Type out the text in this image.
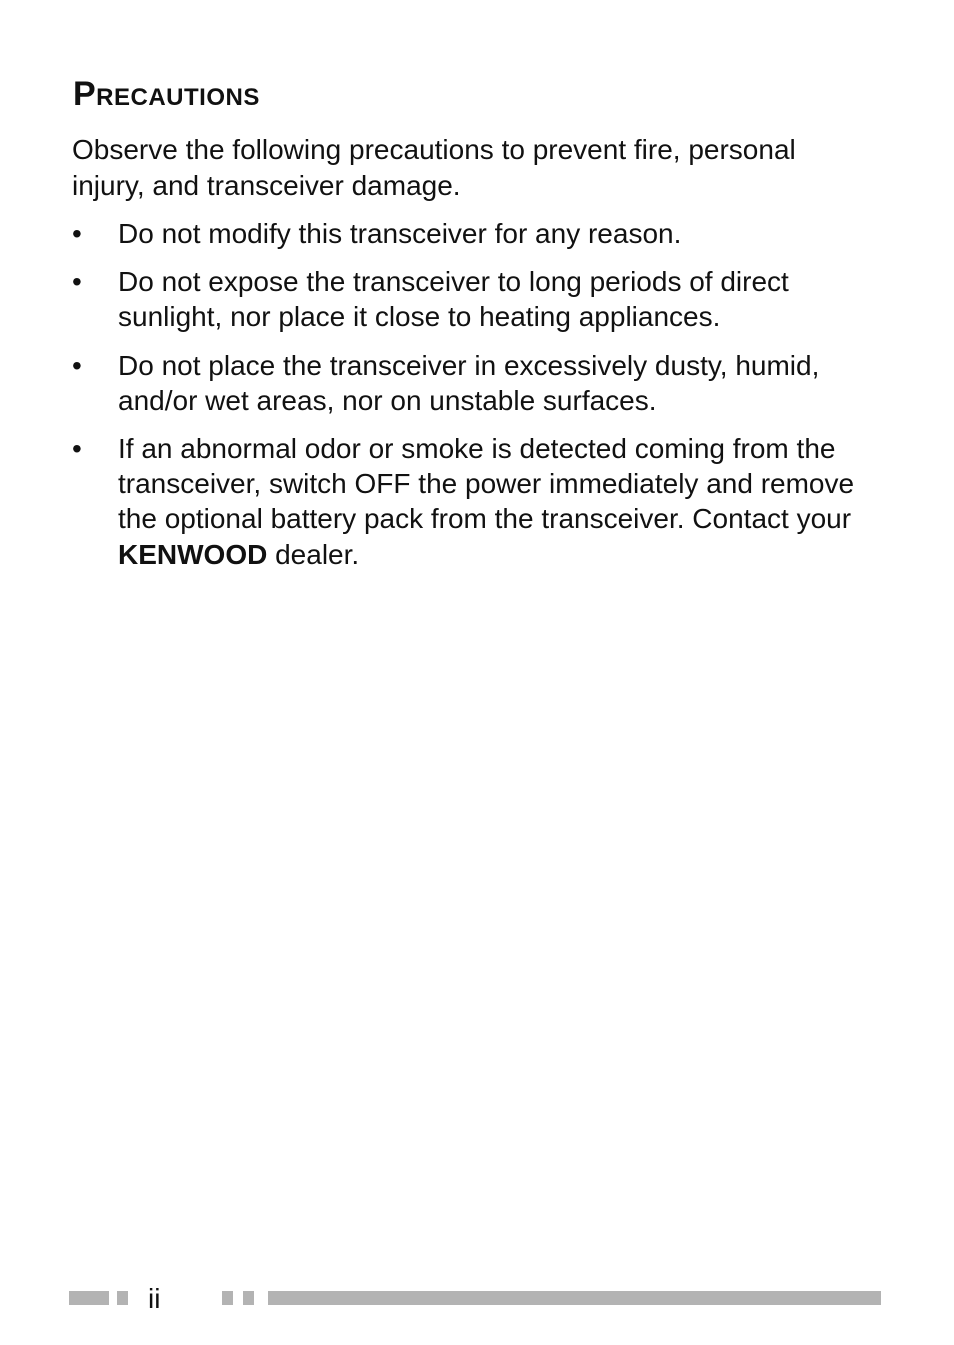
Precautions

Observe the following precautions to prevent fire, personal injury, and transceiver damage.

•	Do not modify this transceiver for any reason.
•	Do not expose the transceiver to long periods of direct sunlight, nor place it close to heating appliances.
•	Do not place the transceiver in excessively dusty, humid, and/or wet areas, nor on unstable surfaces.
•	If an abnormal odor or smoke is detected coming from the transceiver, switch OFF the power immediately and remove the optional battery pack from the transceiver. Contact your KENWOOD dealer.
ii
